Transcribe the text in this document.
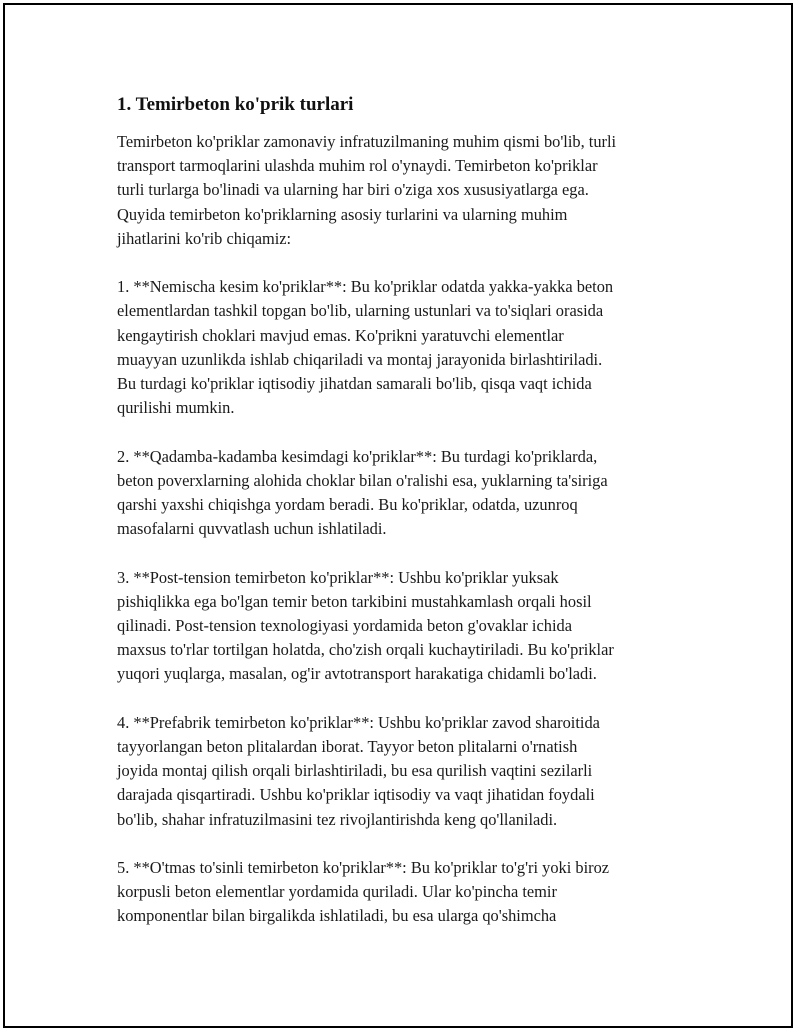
1. Temirbeton ko'prik turlari

Temirbeton ko'priklar zamonaviy infratuzilmaning muhim qismi bo'lib, turli
transport tarmoqlarini ulashda muhim rol o'ynaydi. Temirbeton ko'priklar
turli turlarga bo'linadi va ularning har biri o'ziga xos xususiyatlarga ega.
Quyida temirbeton ko'priklarning asosiy turlarini va ularning muhim
jihatlarini ko'rib chiqamiz:

1. **Nemischa kesim ko'priklar**: Bu ko'priklar odatda yakka-yakka beton
elementlardan tashkil topgan bo'lib, ularning ustunlari va to'siqlari orasida
kengaytirish choklari mavjud emas. Ko'prikni yaratuvchi elementlar
muayyan uzunlikda ishlab chiqariladi va montaj jarayonida birlashtiriladi.
Bu turdagi ko'priklar iqtisodiy jihatdan samarali bo'lib, qisqa vaqt ichida
qurilishi mumkin.

2. **Qadamba-kadamba kesimdagi ko'priklar**: Bu turdagi ko'priklarda,
beton poverxlarning alohida choklar bilan o'ralishi esa, yuklarning ta'siriga
qarshi yaxshi chiqishga yordam beradi. Bu ko'priklar, odatda, uzunroq
masofalarni quvvatlash uchun ishlatiladi.

3. **Post-tension temirbeton ko'priklar**: Ushbu ko'priklar yuksak
pishiqlikka ega bo'lgan temir beton tarkibini mustahkamlash orqali hosil
qilinadi. Post-tension texnologiyasi yordamida beton g'ovaklar ichida
maxsus to'rlar tortilgan holatda, cho'zish orqali kuchaytiriladi. Bu ko'priklar
yuqori yuqlarga, masalan, og'ir avtotransport harakatiga chidamli bo'ladi.

4. **Prefabrik temirbeton ko'priklar**: Ushbu ko'priklar zavod sharoitida
tayyorlangan beton plitalardan iborat. Tayyor beton plitalarni o'rnatish
joyida montaj qilish orqali birlashtiriladi, bu esa qurilish vaqtini sezilarli
darajada qisqartiradi. Ushbu ko'priklar iqtisodiy va vaqt jihatidan foydali
bo'lib, shahar infratuzilmasini tez rivojlantirishda keng qo'llaniladi.

5. **O'tmas to'sinli temirbeton ko'priklar**: Bu ko'priklar to'g'ri yoki biroz
korpusli beton elementlar yordamida quriladi. Ular ko'pincha temir
komponentlar bilan birgalikda ishlatiladi, bu esa ularga qo'shimcha
